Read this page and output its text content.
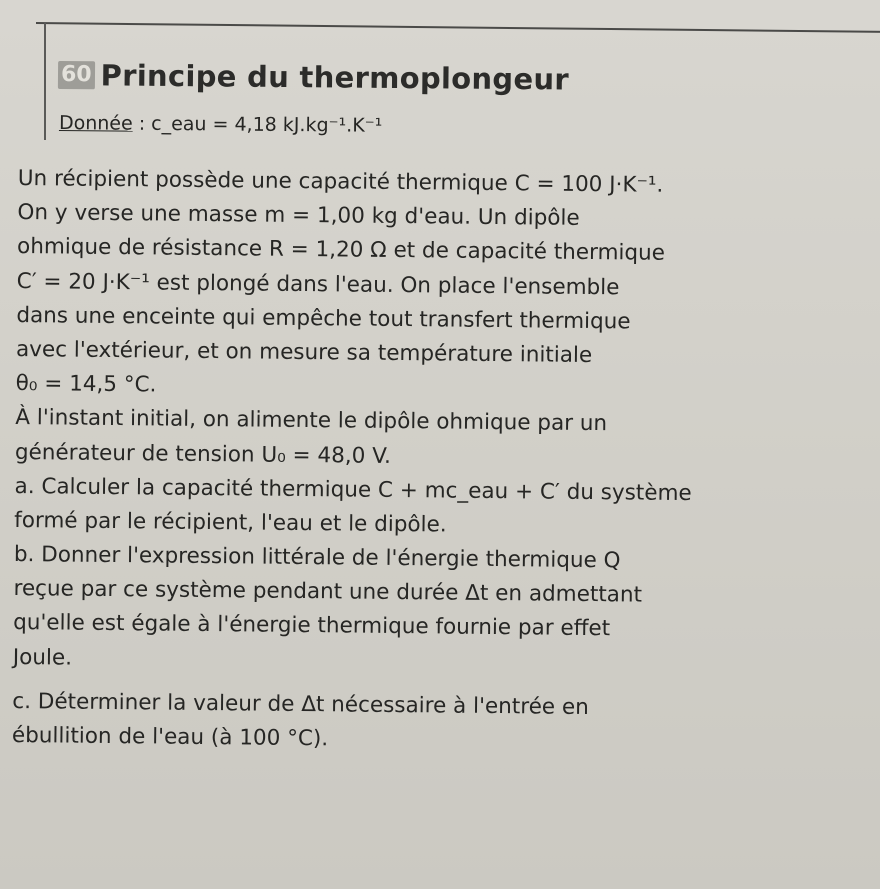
60 Principe du thermoplongeur
Donnée : c_eau = 4,18 kJ.kg⁻¹.K⁻¹
Un récipient possède une capacité thermique C = 100 J·K⁻¹.
On y verse une masse m = 1,00 kg d'eau. Un dipôle
ohmique de résistance R = 1,20 Ω et de capacité thermique
C′ = 20 J·K⁻¹ est plongé dans l'eau. On place l'ensemble
dans une enceinte qui empêche tout transfert thermique
avec l'extérieur, et on mesure sa température initiale
θ₀ = 14,5 °C.
À l'instant initial, on alimente le dipôle ohmique par un
générateur de tension U₀ = 48,0 V.
a. Calculer la capacité thermique C + mc_eau + C′ du système
formé par le récipient, l'eau et le dipôle.
b. Donner l'expression littérale de l'énergie thermique Q
reçue par ce système pendant une durée Δt en admettant
qu'elle est égale à l'énergie thermique fournie par effet
Joule.
c. Déterminer la valeur de Δt nécessaire à l'entrée en
ébullition de l'eau (à 100 °C).
